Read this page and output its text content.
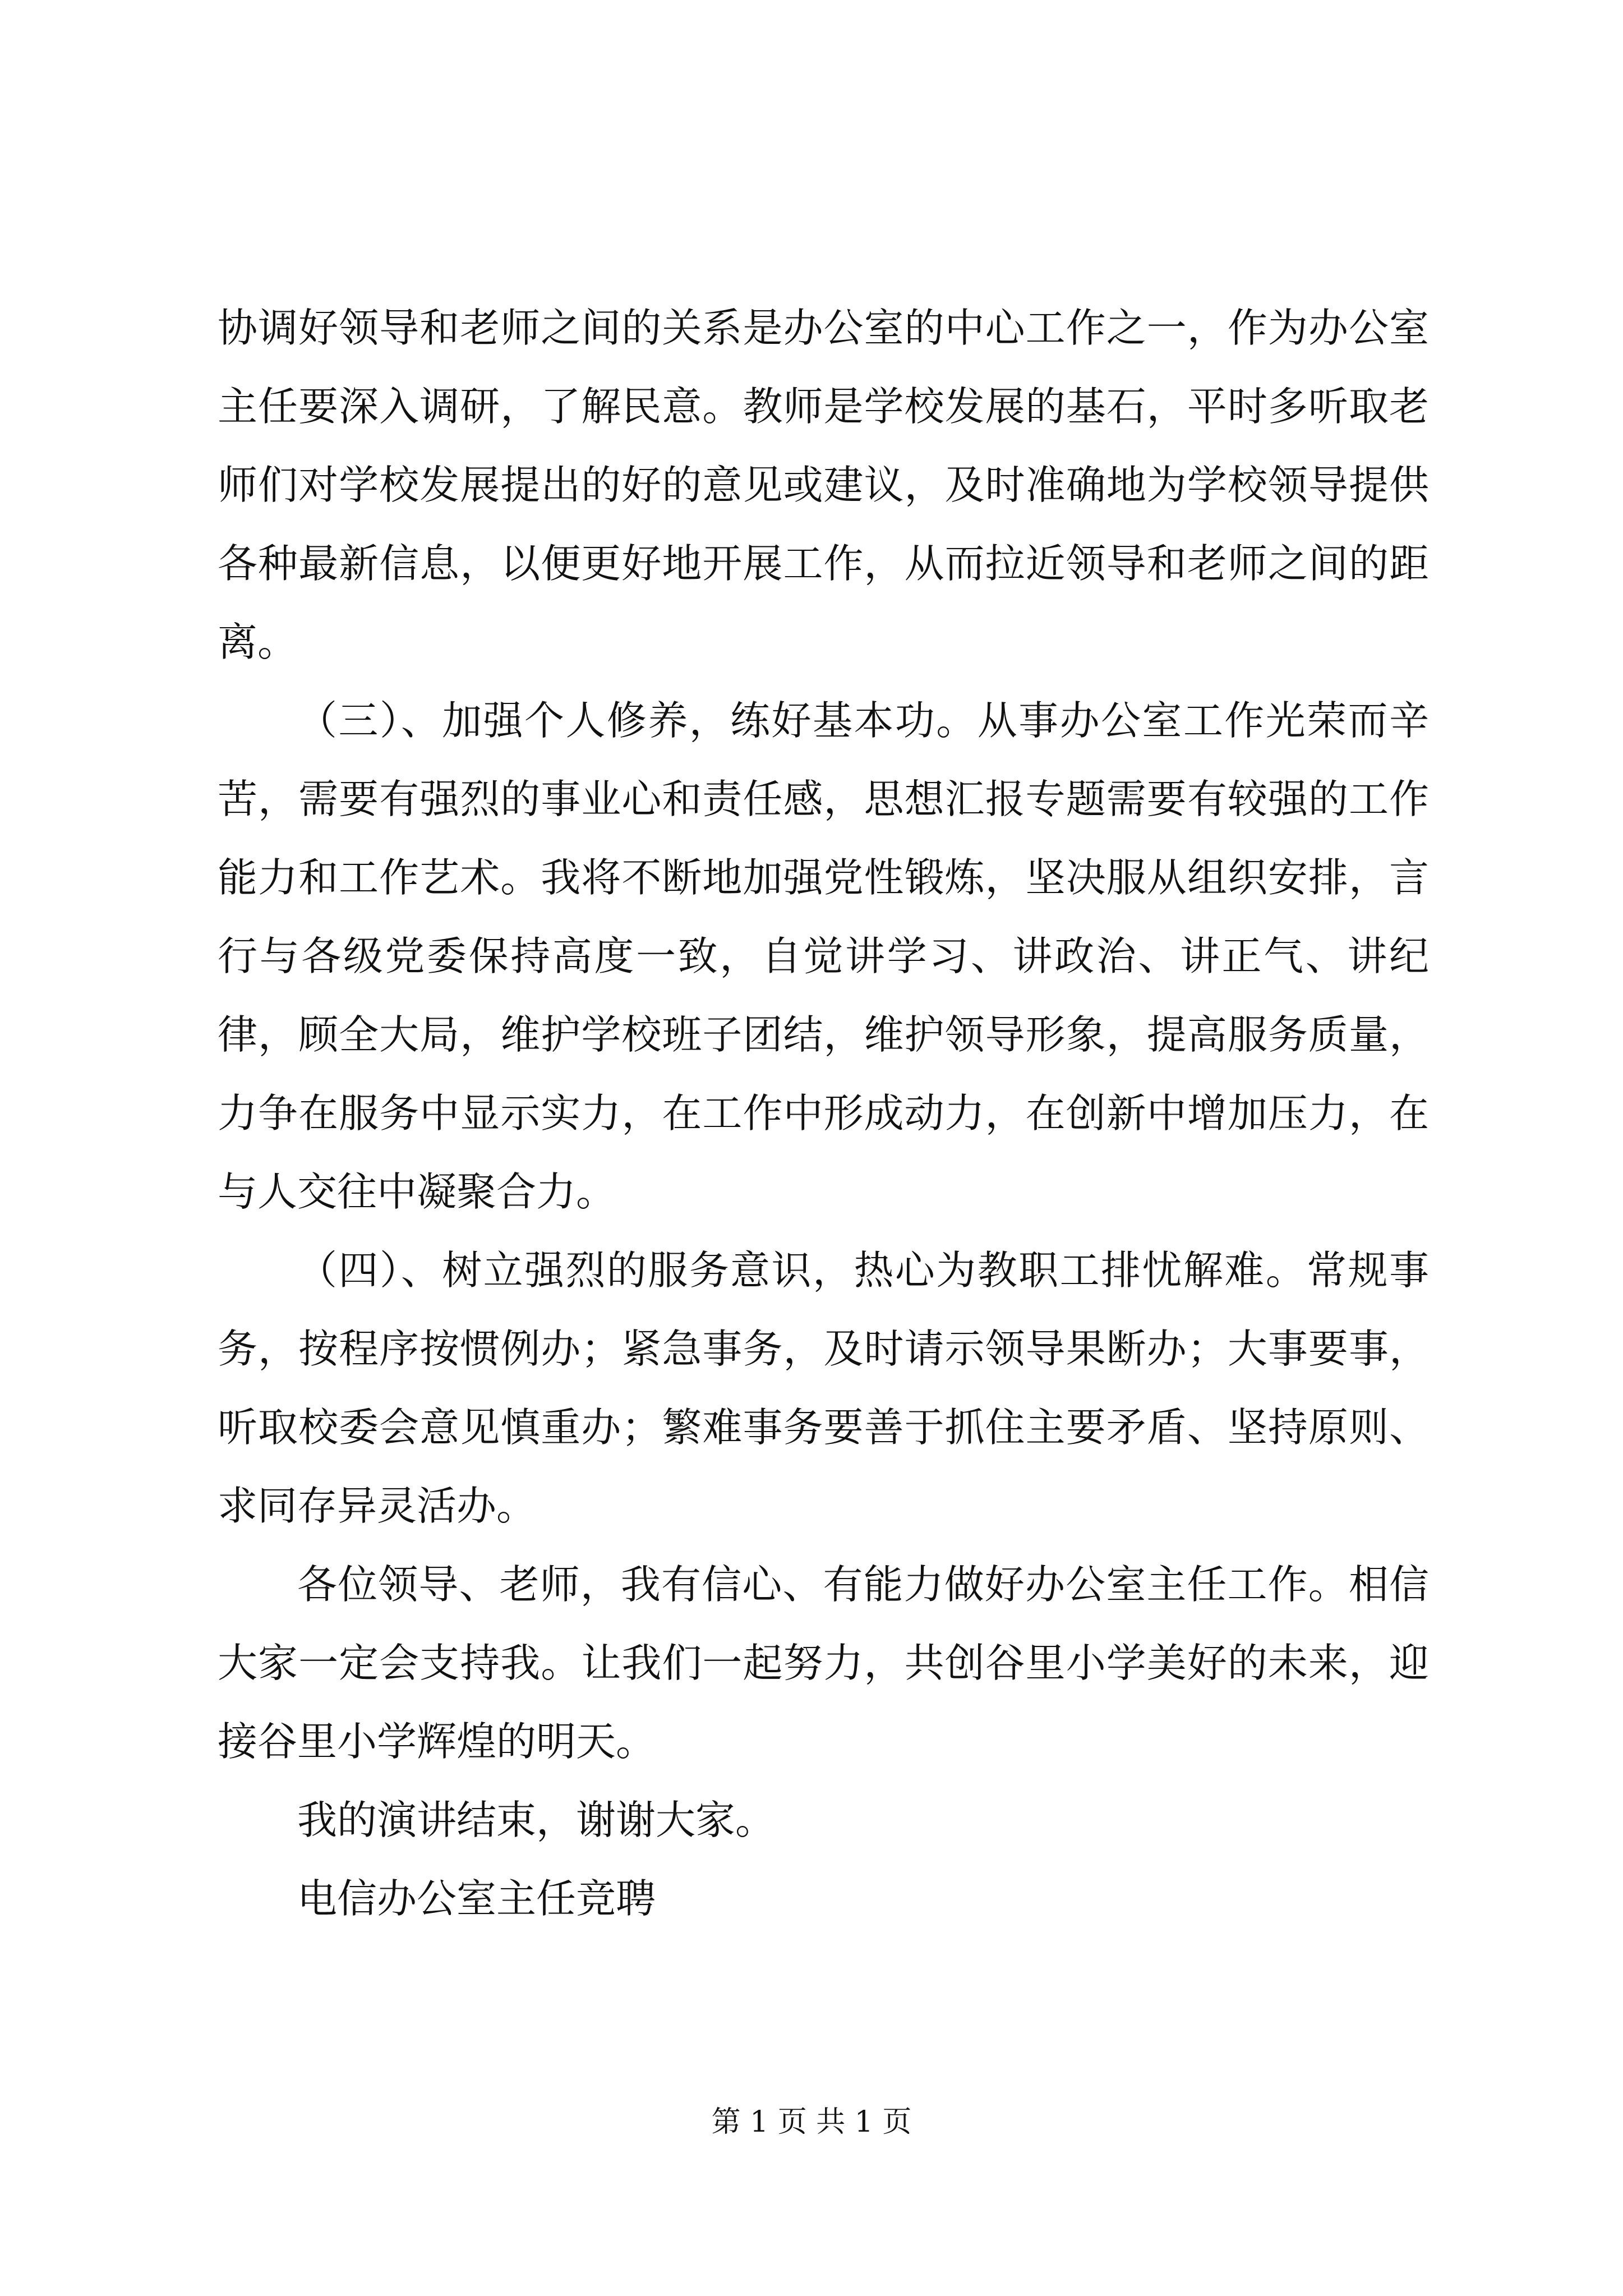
协调好领导和老师之间的关系是办公室的中心工作之一，作为办公室主任要深入调研，了解民意。教师是学校发展的基石，平时多听取老师们对学校发展提出的好的意见或建议，及时准确地为学校领导提供各种最新信息，以便更好地开展工作，从而拉近领导和老师之间的距离。

（三）、加强个人修养，练好基本功。从事办公室工作光荣而辛苦，需要有强烈的事业心和责任感，思想汇报专题需要有较强的工作能力和工作艺术。我将不断地加强党性锻炼，坚决服从组织安排，言行与各级党委保持高度一致，自觉讲学习、讲政治、讲正气、讲纪律，顾全大局，维护学校班子团结，维护领导形象，提高服务质量，力争在服务中显示实力，在工作中形成动力，在创新中增加压力，在与人交往中凝聚合力。

（四）、树立强烈的服务意识，热心为教职工排忧解难。常规事务，按程序按惯例办；紧急事务，及时请示领导果断办；大事要事，听取校委会意见慎重办；繁难事务要善于抓住主要矛盾、坚持原则、求同存异灵活办。

各位领导、老师，我有信心、有能力做好办公室主任工作。相信大家一定会支持我。让我们一起努力，共创谷里小学美好的未来，迎接谷里小学辉煌的明天。

我的演讲结束，谢谢大家。

电信办公室主任竞聘

第 1 页 共 1 页
